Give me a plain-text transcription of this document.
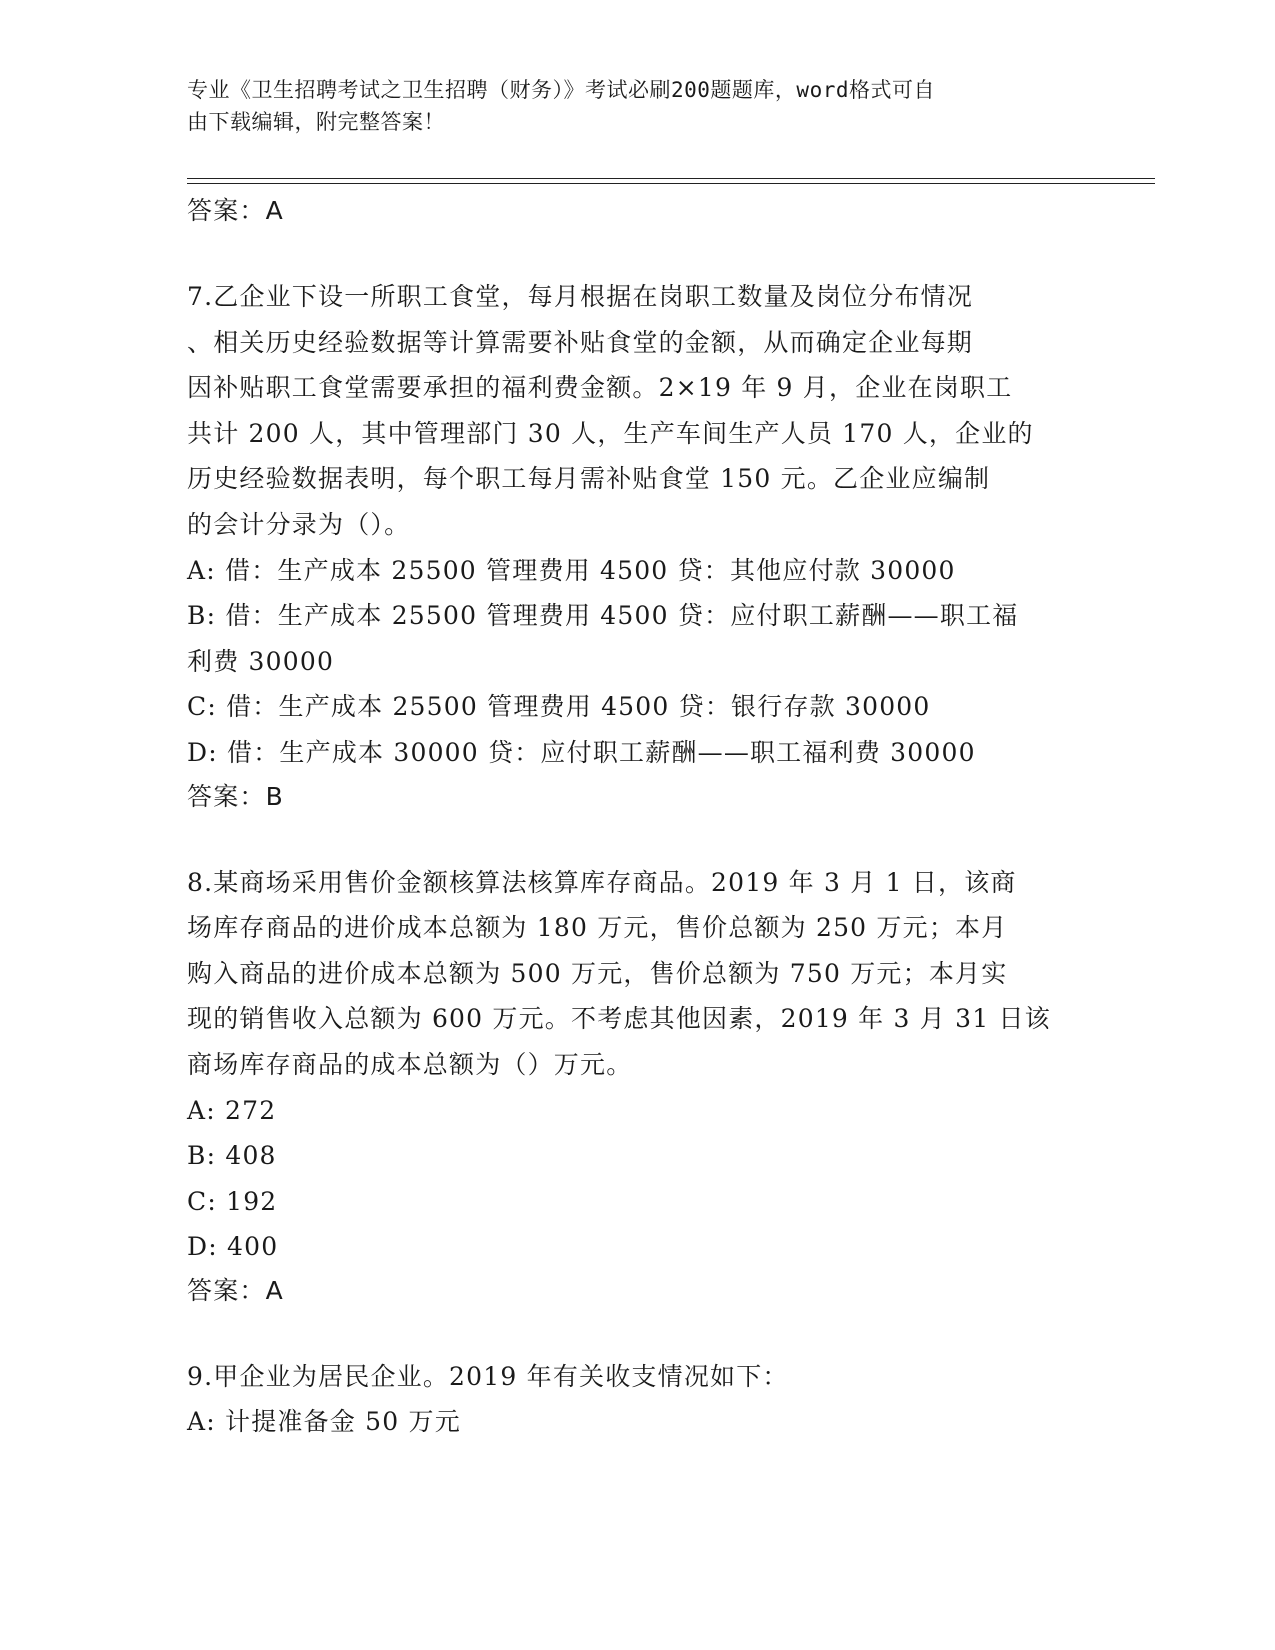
专业《卫生招聘考试之卫生招聘（财务）》考试必刷200题题库，word格式可自
由下载编辑，附完整答案！
答案：A
7.乙企业下设一所职工食堂，每月根据在岗职工数量及岗位分布情况
、相关历史经验数据等计算需要补贴食堂的金额，从而确定企业每期
因补贴职工食堂需要承担的福利费金额。2×19 年 9 月，企业在岗职工
共计 200 人，其中管理部门 30 人，生产车间生产人员 170 人，企业的
历史经验数据表明，每个职工每月需补贴食堂 150 元。乙企业应编制
的会计分录为（）。
A: 借：生产成本 25500 管理费用 4500 贷：其他应付款 30000
B: 借：生产成本 25500 管理费用 4500 贷：应付职工薪酬——职工福
利费 30000
C: 借：生产成本 25500 管理费用 4500 贷：银行存款 30000
D: 借：生产成本 30000 贷：应付职工薪酬——职工福利费 30000
答案：B
8.某商场采用售价金额核算法核算库存商品。2019 年 3 月 1 日，该商
场库存商品的进价成本总额为 180 万元，售价总额为 250 万元；本月
购入商品的进价成本总额为 500 万元，售价总额为 750 万元；本月实
现的销售收入总额为 600 万元。不考虑其他因素，2019 年 3 月 31 日该
商场库存商品的成本总额为（）万元。
A: 272
B: 408
C: 192
D: 400
答案：A
9.甲企业为居民企业。2019 年有关收支情况如下：
A: 计提准备金 50 万元
